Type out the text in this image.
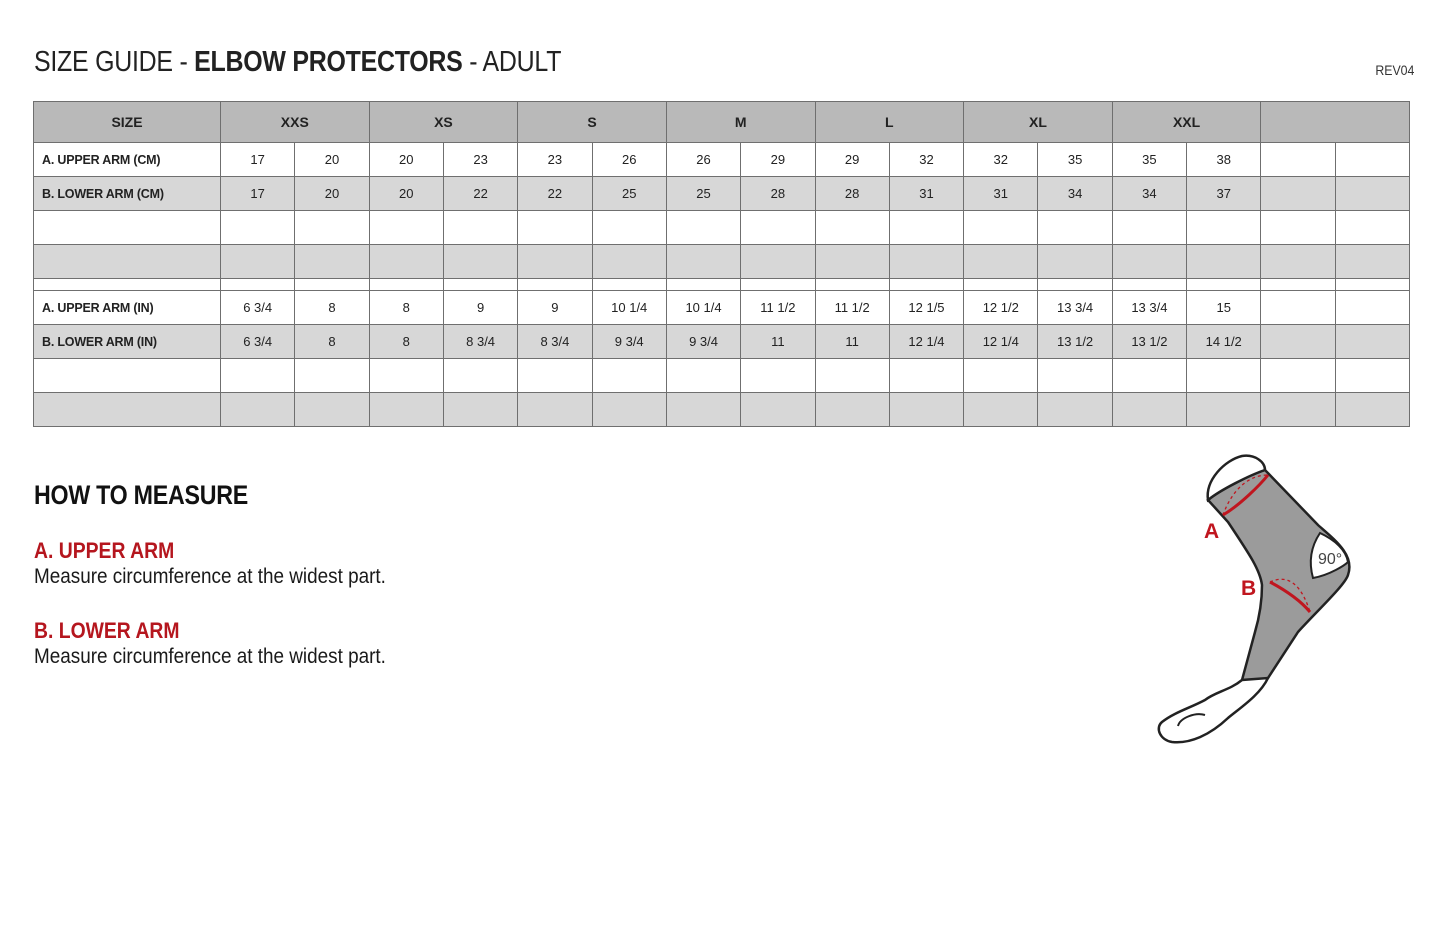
SIZE GUIDE - ELBOW PROTECTORS - ADULT	REV04
SIZE	XXS		XS		S		M		L		XL		XXL			
A. UPPER ARM (CM)	17	20	20	23	23	26	26	29	29	32	32	35	35	38		
B. LOWER ARM (CM)	17	20	20	22	22	25	25	28	28	31	31	34	34	37		

A. UPPER ARM (IN)	6 3/4	8	8	9	9	10 1/4	10 1/4	11 1/2	11 1/2	12 1/5	12 1/2	13 3/4	13 3/4	15		
B. LOWER ARM (IN)	6 3/4	8	8	8 3/4	8 3/4	9 3/4	9 3/4	11	11	12 1/4	12 1/4	13 1/2	13 1/2	14 1/2		

HOW TO MEASURE
A. UPPER ARM
Measure circumference at the widest part.
B. LOWER ARM
Measure circumference at the widest part.
90°
A
B
